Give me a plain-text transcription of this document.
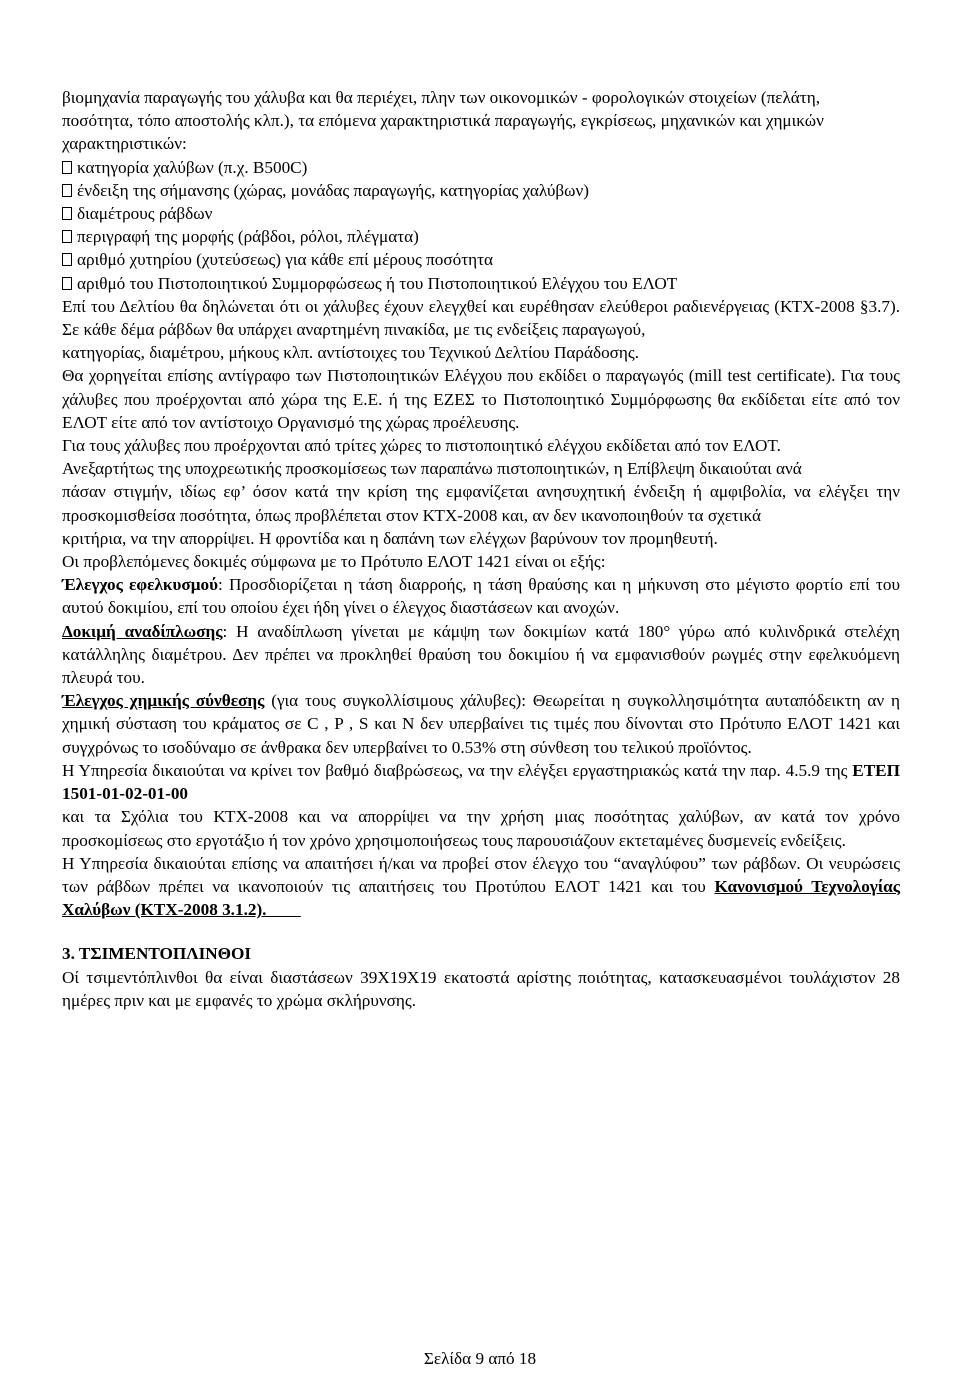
βιομηχανία παραγωγής του χάλυβα και θα περιέχει, πλην των οικονομικών - φορολογικών στοιχείων (πελάτη,

ποσότητα, τόπο αποστολής κλπ.), τα επόμενα χαρακτηριστικά παραγωγής, εγκρίσεως, μηχανικών και χημικών

χαρακτηριστικών:

κατηγορία χαλύβων (π.χ. Β500C)

ένδειξη της σήμανσης (χώρας, μονάδας παραγωγής, κατηγορίας χαλύβων)

διαμέτρους ράβδων

περιγραφή της μορφής (ράβδοι, ρόλοι, πλέγματα)

αριθμό χυτηρίου (χυτεύσεως) για κάθε επί μέρους ποσότητα

αριθμό του Πιστοποιητικού Συμμορφώσεως ή του Πιστοποιητικού Ελέγχου του ΕΛΟΤ

Επί του Δελτίου θα δηλώνεται ότι οι χάλυβες έχουν ελεγχθεί και ευρέθησαν ελεύθεροι ραδιενέργειας (ΚΤΧ-2008 §3.7). Σε κάθε δέμα ράβδων θα υπάρχει αναρτημένη πινακίδα, με τις ενδείξεις παραγωγού,

κατηγορίας, διαμέτρου, μήκους κλπ. αντίστοιχες του Τεχνικού Δελτίου Παράδοσης.

Θα χορηγείται επίσης αντίγραφο των Πιστοποιητικών Ελέγχου που εκδίδει ο παραγωγός (mill test certificate). Για τους χάλυβες που προέρχονται από χώρα της Ε.Ε. ή της ΕΖΕΣ το Πιστοποιητικό Συμμόρφωσης θα εκδίδεται είτε από τον ΕΛΟΤ είτε από τον αντίστοιχο Οργανισμό της χώρας προέλευσης.

Για τους χάλυβες που προέρχονται από τρίτες χώρες το πιστοποιητικό ελέγχου εκδίδεται από τον ΕΛΟΤ.

Ανεξαρτήτως της υποχρεωτικής προσκομίσεως των παραπάνω πιστοποιητικών, η Επίβλεψη δικαιούται ανά

πάσαν στιγμήν, ιδίως εφ’ όσον κατά την κρίση της εμφανίζεται ανησυχητική ένδειξη ή αμφιβολία, να ελέγξει την προσκομισθείσα ποσότητα, όπως προβλέπεται στον ΚΤΧ-2008 και, αν δεν ικανοποιηθούν τα σχετικά

κριτήρια, να την απορρίψει. Η φροντίδα και η δαπάνη των ελέγχων βαρύνουν τον προμηθευτή.

Οι προβλεπόμενες δοκιμές σύμφωνα με το Πρότυπο ΕΛΟΤ 1421 είναι οι εξής:

Έλεγχος εφελκυσμού: Προσδιορίζεται η τάση διαρροής, η τάση θραύσης και η μήκυνση στο μέγιστο φορτίο επί του αυτού δοκιμίου, επί του οποίου έχει ήδη γίνει ο έλεγχος διαστάσεων και ανοχών.

Δοκιμή αναδίπλωσης: Η αναδίπλωση γίνεται με κάμψη των δοκιμίων κατά 180° γύρω από κυλινδρικά στελέχη κατάλληλης διαμέτρου. Δεν πρέπει να προκληθεί θραύση του δοκιμίου ή να εμφανισθούν ρωγμές στην εφελκυόμενη πλευρά του.

Έλεγχος χημικής σύνθεσης (για τους συγκολλίσιμους χάλυβες): Θεωρείται η συγκολλησιμότητα αυταπόδεικτη αν η χημική σύσταση του κράματος σε C , P , S και N δεν υπερβαίνει τις τιμές που δίνονται στο Πρότυπο ΕΛΟΤ 1421 και συγχρόνως το ισοδύναμο σε άνθρακα δεν υπερβαίνει το 0.53% στη σύνθεση του τελικού προϊόντος.

Η Υπηρεσία δικαιούται να κρίνει τον βαθμό διαβρώσεως, να την ελέγξει εργαστηριακώς κατά την παρ. 4.5.9 της ΕΤΕΠ 1501-01-02-01-00

και τα Σχόλια του ΚΤΧ-2008 και να απορρίψει να την χρήση μιας ποσότητας χαλύβων, αν κατά τον χρόνο προσκομίσεως στο εργοτάξιο ή τον χρόνο χρησιμοποιήσεως τους παρουσιάζουν εκτεταμένες δυσμενείς ενδείξεις.

Η Υπηρεσία δικαιούται επίσης να απαιτήσει ή/και να προβεί στον έλεγχο του “αναγλύφου” των ράβδων. Οι νευρώσεις των ράβδων πρέπει να ικανοποιούν τις απαιτήσεις του Προτύπου ΕΛΟΤ 1421 και του Κανονισμού Τεχνολογίας Χαλύβων (ΚΤΧ-2008 3.1.2).

3. ΤΣΙΜΕΝΤΟΠΛΙΝΘΟΙ

Οί τσιμεντόπλινθοι θα είναι διαστάσεων 39Χ19Χ19 εκατοστά αρίστης ποιότητας, κατασκευασμένοι τουλάχιστον 28 ημέρες πριν και με εμφανές το χρώμα σκλήρυνσης.

Σελίδα 9 από 18
